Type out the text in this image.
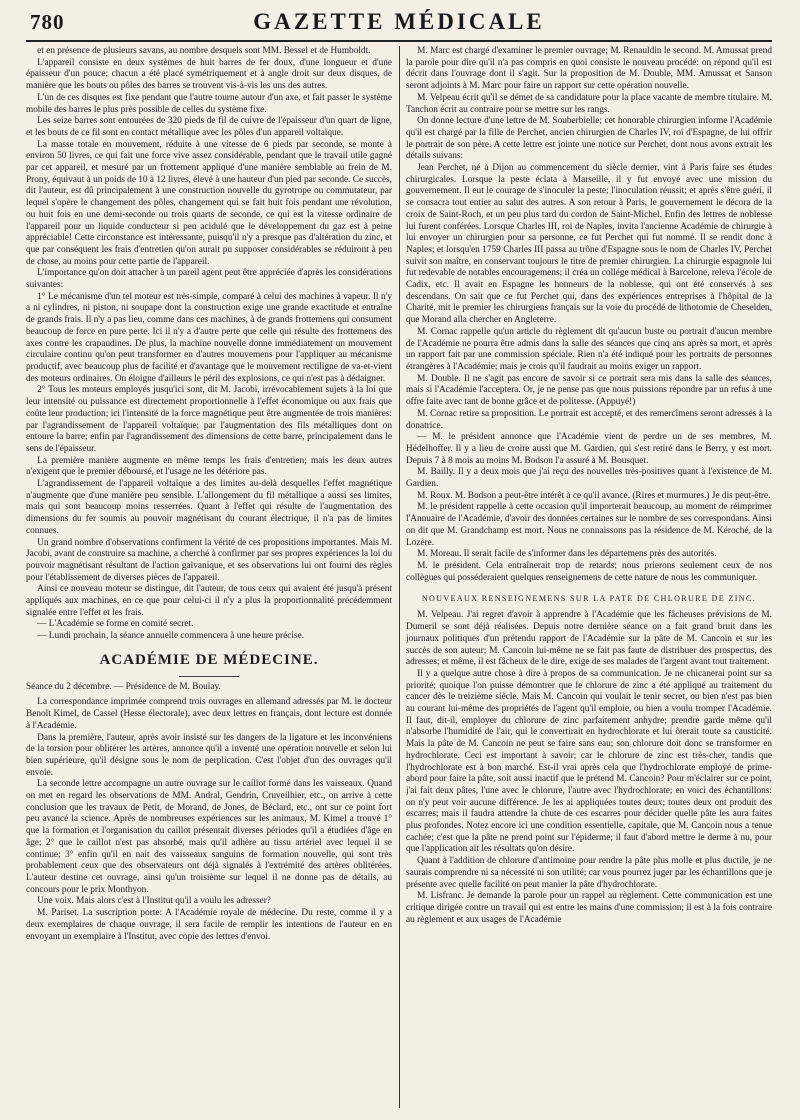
780	GAZETTE MÉDICALE

et en présence de plusieurs savans, au nombre desquels sont MM. Bessel et de Humboldt.

L'appareil consiste en deux systèmes de huit barres de fer doux, d'une longueur et d'une épaisseur d'un pouce; chacun a été placé symétriquement et à angle droit sur deux disques, de manière que les bouts ou pôles des barres se trouvent vis-à-vis les uns des autres.

L'un de ces disques est fixe pendant que l'autre tourne autour d'un axe, et fait passer le système mobile des barres le plus près possible de celles du système fixe.

Les seize barres sont entourées de 320 pieds de fil de cuivre de l'épaisseur d'un quart de ligne, et les bouts de ce fil sont en contact métallique avec les pôles d'un appareil voltaïque.

La masse totale en mouvement, réduite à une vitesse de 6 pieds par seconde, se monte à environ 50 livres, ce qui fait une force vive assez considérable, pendant que le travail utile gagné par cet appareil, et mesuré par un frottement appliqué d'une manière semblable au frein de M. Prony, équivaut à un poids de 10 à 12 livres, élevé à une hauteur d'un pied par seconde. Ce succès, dit l'auteur, est dû principalement à une construction nouvelle du gyrotrope ou commutateur, par lequel s'opère le changement des pôles, changement qui se fait huit fois pendant une révolution, ou huit fois en une demi-seconde ou trois quarts de seconde, ce qui est la vitesse ordinaire de l'appareil pour un liquide conducteur si peu acidulé que le développement du gaz est à peine appréciable! Cette circonstance est intéressante, puisqu'il n'y a presque pas d'altération du zinc, et que par conséquent les frais d'entretien qu'on aurait pu supposer considérables se réduiront à peu de chose, au moins pour cette partie de l'appareil.

L'importance qu'on doit attacher à un pareil agent peut être appréciée d'après les considérations suivantes:

1° Le mécanisme d'un tel moteur est très-simple, comparé à celui des machines à vapeur. Il n'y a ni cylindres, ni piston, ni soupape dont la construction exige une grande exactitude et entraîne de grands frais. Il n'y a pas lieu, comme dans ces machines, à de grands frottemens qui consument beaucoup de force en pure perte. Ici il n'y a d'autre perte que celle qui résulte des frottemens des axes contre les crapaudines. De plus, la machine nouvelle donne immédiatement un mouvement circulaire continu qu'on peut transformer en d'autres mouvemens pour l'appliquer au mécanisme productif, avec beaucoup plus de facilité et d'avantage que le mouvement rectiligne de va-et-vient des moteurs ordinaires. On éloigne d'ailleurs le péril des explosions, ce qui n'est pas à dédaigner.

2° Tous les moteurs employés jusqu'ici sont, dit M. Jacobi, irrévocablement sujets à la loi que leur intensité ou puissance est directement proportionnelle à l'effet économique ou aux frais que coûte leur production; ici l'intensité de la force magnétique peut être augmentée de trois manières: par l'agrandissement de l'appareil voltaïque; par l'augmentation des fils métalliques dont on entoure la barre; enfin par l'agrandissement des dimensions de cette barre, principalement dans le sens de l'épaisseur.

La première manière augmente en même temps les frais d'entretien; mais les deux autres n'exigent que le premier déboursé, et l'usage ne les détériore pas.

L'agrandissement de l'appareil voltaïque a des limites au-delà desquelles l'effet magnétique n'augmente que d'une manière peu sensible. L'allongement du fil métallique a aussi ses limites, mais qui sont beaucoup moins resserrées. Quant à l'effet qui résulte de l'augmentation des dimensions du fer soumis au pouvoir magnétisant du courant électrique, il n'a pas de limites connues.

Un grand nombre d'observations confirment la vérité de ces propositions importantes. Mais M. Jacobi, avant de construire sa machine, a cherché à confirmer par ses propres expériences la loi du pouvoir magnétisant résultant de l'action galvanique, et ses observations lui ont fourni des règles pour l'établissement de diverses pièces de l'appareil.

Ainsi ce nouveau moteur se distingue, dit l'auteur, de tous ceux qui avaient été jusqu'à présent appliqués aux machines, en ce que pour celui-ci il n'y a plus la proportionnalité précédemment signalée entre l'effet et les frais.

— L'Académie se forme en comité secret.

— Lundi prochain, la séance annuelle commencera à une heure précise.

ACADÉMIE DE MÉDECINE.

Séance du 2 décembre. — Présidence de M. Bouïay.

La correspondance imprimée comprend trois ouvrages en allemand adressés par M. le docteur Benoît Kimel, de Cassel (Hesse électorale), avec deux lettres en français, dont lecture est donnée à l'Académie.

Dans la première, l'auteur, après avoir insisté sur les dangers de la ligature et les inconvéniens de la torsion pour oblitérer les artères, annonce qu'il a inventé une opération nouvelle et selon lui bien supérieure, qu'il désigne sous le nom de perplication. C'est l'objet d'un des ouvrages qu'il envoie.

La seconde lettre accompagne un autre ouvrage sur le caillot formé dans les vaisseaux. Quand on met en regard les observations de MM. Andral, Gendrin, Cruveilhier, etc., on arrive à cette conclusion que les travaux de Petit, de Morand, de Jones, de Béclard, etc., ont sur ce point fort peu avancé la science. Après de nombreuses expériences sur les animaux, M. Kimel a trouvé 1° que la formation et l'organisation du caillot présentait diverses périodes qu'il a étudiées d'âge en âge; 2° que le caillot n'est pas absorbé, mais qu'il adhère au tissu artériel avec lequel il se continue; 3° enfin qu'il en nait des vaisseaux sanguins de formation nouvelle, qui sont très probablement ceux que des observateurs ont déjà signalés à l'extrémité des artères oblitérées. L'auteur destine cet ouvrage, ainsi qu'un troisième sur lequel il ne donne pas de détails, au concours pour le prix Monthyon.

Une voix. Mais alors c'est à l'Institut qu'il a voulu les adresser?

M. Pariset. La suscription porte: A l'Académie royale de médecine. Du reste, comme il y a deux exemplaires de chaque ouvrage, il sera facile de remplir les intentions de l'auteur en en envoyant un exemplaire à l'Institut, avec copie des lettres d'envoi.

M. Marc est chargé d'examiner le premier ouvrage; M. Renauldin le second. M. Amussat prend la parole pour dire qu'il n'a pas compris en quoi consiste le nouveau procédé: on répond qu'il est décrit dans l'ouvrage dont il s'agit. Sur la proposition de M. Double, MM. Amussat et Sanson seront adjoints à M. Marc pour faire un rapport sur cette opération nouvelle.

M. Velpeau écrit qu'il se démet de sa candidature pour la place vacante de membre titulaire. M. Tanchon écrit au contraire pour se mettre sur les rangs.

On donne lecture d'une lettre de M. Souberbielle; cet honorable chirurgien informe l'Académie qu'il est chargé par la fille de Perchet, ancien chirurgien de Charles IV, roi d'Espagne, de lui offrir le portrait de son père. A cette lettre est jointe une notice sur Perchet, dont nous avons extrait les détails suivans:

Jean Perchet, né à Dijon au commencement du siècle dernier, vint à Paris faire ses études chirurgicales. Lorsque la peste éclata à Marseille, il y fut envoyé avec une mission du gouvernement. Il eut le courage de s'inoculer la peste; l'inoculation réussit; et après s'être guéri, il se consacra tout entier au salut des autres. A son retour à Paris, le gouvernement le décora de la croix de Saint-Roch, et un peu plus tard du cordon de Saint-Michel. Enfin des lettres de noblesse lui furent conférées. Lorsque Charles III, roi de Naples, invita l'ancienne Académie de chirurgie à lui envoyer un chirurgien pour sa personne, ce fut Perchet qui fut nommé. Il se rendit donc à Naples; et lorsqu'en 1759 Charles III passa au trône d'Espagne sous le nom de Charles IV, Perchet suivit son maître, en conservant toujours le titre de premier chirurgien. La chirurgie espagnole lui fut redevable de notables encouragemens; il créa un collége médical à Barcelone, releva l'école de Cadix, etc. Il avait en Espagne les honneurs de la noblesse, qui ont été conservés à ses descendans. On sait que ce fut Perchet qui, dans des expériences entreprises à l'hôpital de la Charité, mit le premier les chirurgiens français sur la voie du procédé de lithotomie de Cheselden, que Morand alla chercher en Angleterre.

M. Cornac rappelle qu'un article du règlement dit qu'aucun buste ou portrait d'aucun membre de l'Académie ne pourra être admis dans la salle des séances que cinq ans après sa mort, et après un rapport fait par une commission spéciale. Rien n'a été indiqué pour les portraits de personnes étrangères à l'Académie; mais je crois qu'il faudrait au moins exiger un rapport.

M. Double. Il ne s'agit pas encore de savoir si ce portrait sera mis dans la salle des séances, mais si l'Académie l'acceptera. Or, je ne pense pas que nous puissions répondre par un refus à une offre faite avec tant de bonne grâce et de politesse. (Appuyé!)

M. Cornac retire sa proposition. Le portrait est accepté, et des remercîmens seront adressés à la donatrice.

— M. le président annonce que l'Académie vient de perdre un de ses membres, M. Hédelhoffer. Il y a lieu de croire aussi que M. Gardien, qui s'est retiré dans le Berry, y est mort. Depuis 7 à 8 mois au moins M. Bodson l'a assuré à M. Bousquet.

M. Bailly. Il y a deux mois que j'ai reçu des nouvelles très-positives quant à l'existence de M. Gardien.

M. Roux. M. Bodson a peut-être intérêt à ce qu'il avance. (Rires et murmures.) Je dis peut-être.

M. le président rappelle à cette occasion qu'il importerait beaucoup, au moment de réimprimer l'Annuaire de l'Académie, d'avoir des données certaines sur le nombre de ses correspondans. Ainsi on dit que M. Grandchamp est mort. Nous ne connaissons pas la résidence de M. Kéroché, de la Lozère.

M. Moreau. Il serait facile de s'informer dans les départemens près des autorités.

M. le président. Cela entraînerait trop de retards; nous prierons seulement ceux de nos collègues qui posséderaient quelques renseignemens de cette nature de nous les communiquer.

NOUVEAUX RENSEIGNEMENS SUR LA PATE DE CHLORURE DE ZINC.

M. Velpeau. J'ai regret d'avoir à apprendre à l'Académie que les fâcheuses prévisions de M. Dumeril se sont déjà réalisées. Depuis notre dernière séance on a fait grand bruit dans les journaux politiques d'un prétendu rapport de l'Académie sur la pâte de M. Cancoin et sur les succès de son auteur; M. Cancoin lui-même ne se fait pas faute de distribuer des prospectus, des adresses; et même, il est fâcheux de le dire, exige de ses malades de l'argent avant tout traitement.

Il y a quelque autre chose à dire à propos de sa communication. Je ne chicanerai point sur sa priorité; quoique l'on puisse démontrer que le chlorure de zinc a été appliqué au traitement du cancer dès le treizième siècle. Mais M. Cancoin qui voulait le tenir secret, ou bien n'est pas bien au courant lui-même des propriétés de l'agent qu'il emploie, ou bien a voulu tromper l'Académie. Il faut, dit-il, employer du chlorure de zinc parfaitement anhydre; prendre garde même qu'il n'absorbe l'humidité de l'air, qui le convertirait en hydrochlorate et lui ôterait toute sa causticité. Mais la pâte de M. Cancoin ne peut se faire sans eau; son chlorure doit donc se transformer en hydrochlorate. Ceci est important à savoir; car le chlorure de zinc est très-cher, tandis que l'hydrochlorate est à bon marché. Est-il vrai après cela que l'hydrochlorate employé de prime-abord pour faire la pâte, soit aussi inactif que le prétend M. Cancoin? Pour m'éclairer sur ce point, j'ai fait deux pâtes, l'une avec le chlorure, l'autre avec l'hydrochlorate; en voici des échantillons: on n'y peut voir aucune différence. Je les ai appliquées toutes deux; toutes deux ont produit des escarres; mais il faudra attendre la chute de ces escarres pour décider quelle pâte les aura faites plus profondes. Notez encore ici une condition essentielle, capitale, que M. Cancoin nous a tenue cachée; c'est que la pâte ne prend point sur l'épiderme; il faut d'abord mettre le derme à nu, pour que l'application ait les résultats qu'on désire.

Quant à l'addition de chlorure d'antimoine pour rendre la pâte plus molle et plus ductile, je ne saurais comprendre ni sa nécessité ni son utilité; car vous pourrez juger par les échantillons que je présente avec quelle facilité on peut manier la pâte d'hydrochlorate.

M. Lisfranc. Je demande la parole pour un rappel au règlement. Cette communication est une critique dirigée contre un travail qui est entre les mains d'une commission; il est à la fois contraire au règlement et aux usages de l'Académie
